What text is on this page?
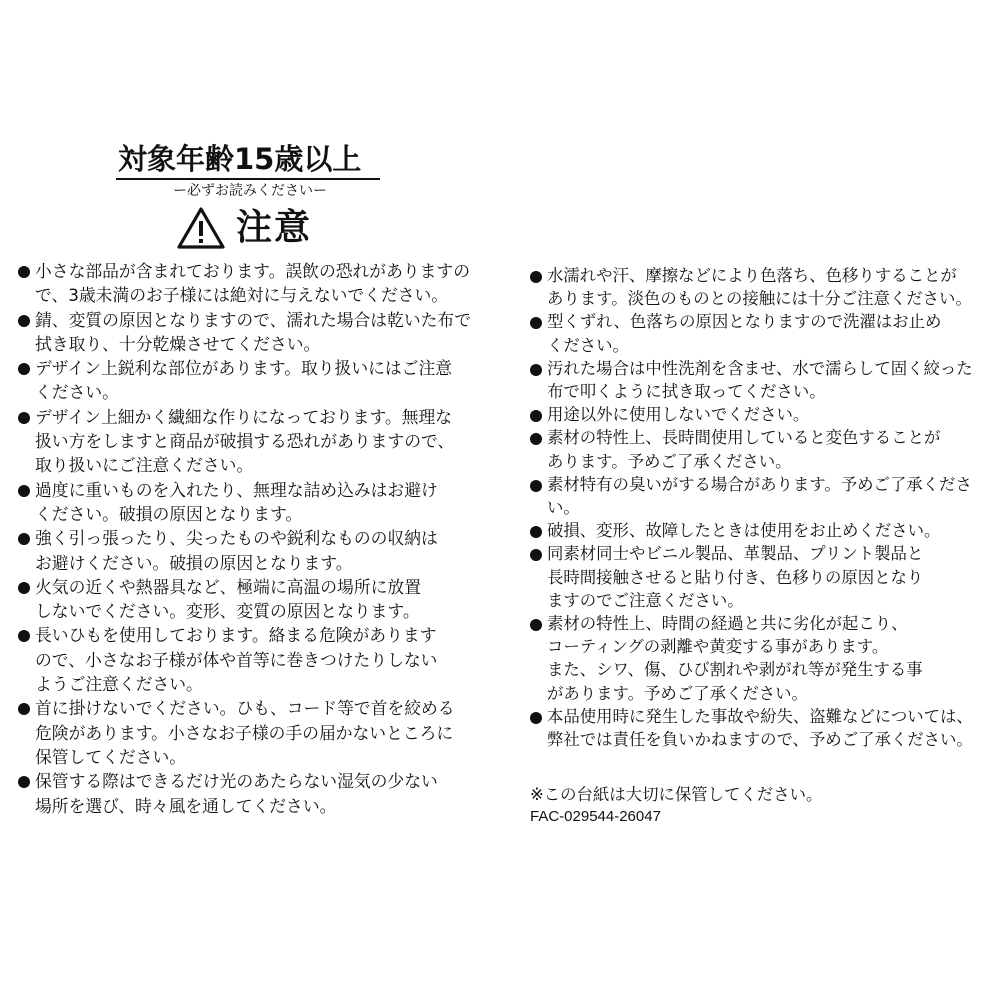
対象年齢15歳以上
ー必ずお読みくださいー
注意
小さな部品が含まれております。誤飲の恐れがありますの
で、3歳未満のお子様には絶対に与えないでください。
錆、変質の原因となりますので、濡れた場合は乾いた布で
拭き取り、十分乾燥させてください。
デザイン上鋭利な部位があります。取り扱いにはご注意
ください。
デザイン上細かく繊細な作りになっております。無理な
扱い方をしますと商品が破損する恐れがありますので、
取り扱いにご注意ください。
過度に重いものを入れたり、無理な詰め込みはお避け
ください。破損の原因となります。
強く引っ張ったり、尖ったものや鋭利なものの収納は
お避けください。破損の原因となります。
火気の近くや熱器具など、極端に高温の場所に放置
しないでください。変形、変質の原因となります。
長いひもを使用しております。絡まる危険があります
ので、小さなお子様が体や首等に巻きつけたりしない
ようご注意ください。
首に掛けないでください。ひも、コード等で首を絞める
危険があります。小さなお子様の手の届かないところに
保管してください。
保管する際はできるだけ光のあたらない湿気の少ない
場所を選び、時々風を通してください。
水濡れや汗、摩擦などにより色落ち、色移りすることが
あります。淡色のものとの接触には十分ご注意ください。
型くずれ、色落ちの原因となりますので洗濯はお止め
ください。
汚れた場合は中性洗剤を含ませ、水で濡らして固く絞った
布で叩くように拭き取ってください。
用途以外に使用しないでください。
素材の特性上、長時間使用していると変色することが
あります。予めご了承ください。
素材特有の臭いがする場合があります。予めご了承くださ
い。
破損、変形、故障したときは使用をお止めください。
同素材同士やビニル製品、革製品、プリント製品と
長時間接触させると貼り付き、色移りの原因となり
ますのでご注意ください。
素材の特性上、時間の経過と共に劣化が起こり、
コーティングの剥離や黄変する事があります。
また、シワ、傷、ひび割れや剥がれ等が発生する事
があります。予めご了承ください。
本品使用時に発生した事故や紛失、盗難などについては、
弊社では責任を負いかねますので、予めご了承ください。
※この台紙は大切に保管してください。
FAC-029544-26047
